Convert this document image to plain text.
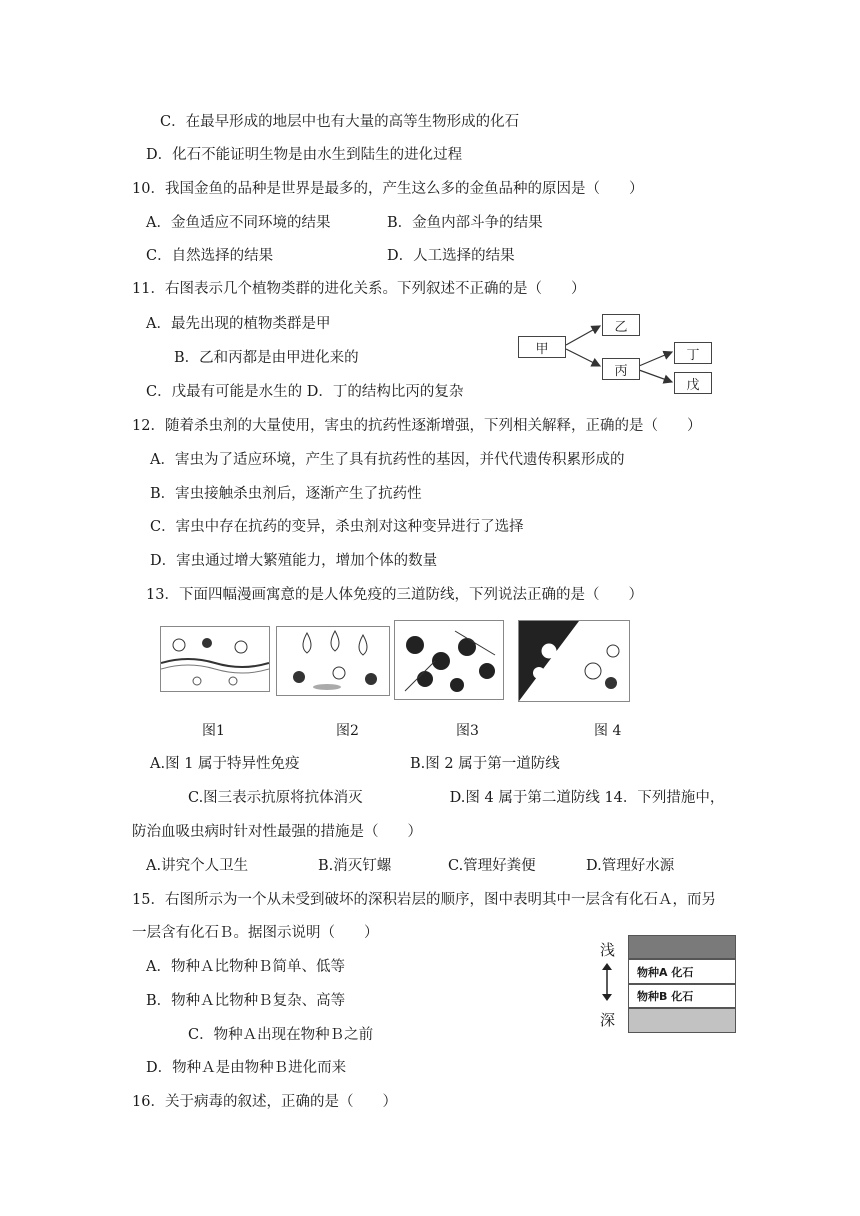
C．在最早形成的地层中也有大量的高等生物形成的化石
D．化石不能证明生物是由水生到陆生的进化过程
10．我国金鱼的品种是世界是最多的，产生这么多的金鱼品种的原因是（　　）
A．金鱼适应不同环境的结果	B．金鱼内部斗争的结果
C．自然选择的结果	D．人工选择的结果
11．右图表示几个植物类群的进化关系。下列叙述不正确的是（　　）
A．最先出现的植物类群是甲
B．乙和丙都是由甲进化来的
C．戊最有可能是水生的 D．丁的结构比丙的复杂
甲
乙
丙
丁
戊
12．随着杀虫剂的大量使用，害虫的抗药性逐渐增强，下列相关解释，正确的是（　　）
A．害虫为了适应环境，产生了具有抗药性的基因，并代代遗传积累形成的
B．害虫接触杀虫剂后，逐渐产生了抗药性
C．害虫中存在抗药的变异，杀虫剂对这种变异进行了选择
D．害虫通过增大繁殖能力，增加个体的数量
13．下面四幅漫画寓意的是人体免疫的三道防线，下列说法正确的是（　　）
图1	图2	图3	图 4
A.图 1 属于特异性免疫	B.图 2 属于第一道防线
C.图三表示抗原将抗体消灭　　　　　　D.图 4 属于第二道防线 14．下列措施中，
防治血吸虫病时针对性最强的措施是（　　）
A.讲究个人卫生	B.消灭钉螺	C.管理好粪便	D.管理好水源
15．右图所示为一个从未受到破坏的深积岩层的顺序，图中表明其中一层含有化石Ａ，而另
一层含有化石Ｂ。据图示说明（　　）
A．物种Ａ比物种Ｂ简单、低等
B．物种Ａ比物种Ｂ复杂、高等
C．物种Ａ出现在物种Ｂ之前
D．物种Ａ是由物种Ｂ进化而来
浅
深
物种A 化石
物种B 化石
16．关于病毒的叙述，正确的是（　　）
